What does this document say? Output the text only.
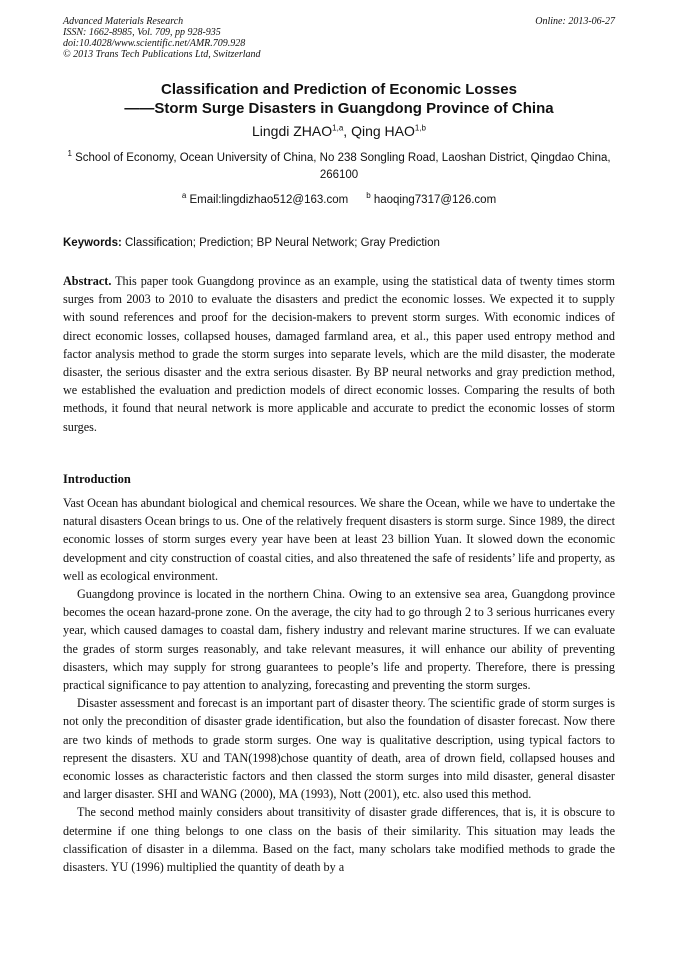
Advanced Materials Research
ISSN: 1662-8985, Vol. 709, pp 928-935
doi:10.4028/www.scientific.net/AMR.709.928
© 2013 Trans Tech Publications Ltd, Switzerland
Online: 2013-06-27
Classification and Prediction of Economic Losses
——Storm Surge Disasters in Guangdong Province of China
Lingdi ZHAO$^{1,a}$, Qing HAO$^{1,b}$
$^1$ School of Economy, Ocean University of China, No 238 Songling Road, Laoshan District, Qingdao China, 266100
$^a$ Email:lingdizhao512@163.com $^b$ haoqing7317@126.com
Keywords: Classification; Prediction; BP Neural Network; Gray Prediction
Abstract. This paper took Guangdong province as an example, using the statistical data of twenty times storm surges from 2003 to 2010 to evaluate the disasters and predict the economic losses. We expected it to supply with sound references and proof for the decision-makers to prevent storm surges. With economic indices of direct economic losses, collapsed houses, damaged farmland area, et al., this paper used entropy method and factor analysis method to grade the storm surges into separate levels, which are the mild disaster, the moderate disaster, the serious disaster and the extra serious disaster. By BP neural networks and gray prediction method, we established the evaluation and prediction models of direct economic losses. Comparing the results of both methods, it found that neural network is more applicable and accurate to predict the economic losses of storm surges.
Introduction

Vast Ocean has abundant biological and chemical resources. We share the Ocean, while we have to undertake the natural disasters Ocean brings to us. One of the relatively frequent disasters is storm surge. Since 1989, the direct economic losses of storm surges every year have been at least 23 billion Yuan. It slowed down the economic development and city construction of coastal cities, and also threatened the safe of residents’ life and property, as well as ecological environment.

Guangdong province is located in the northern China. Owing to an extensive sea area, Guangdong province becomes the ocean hazard-prone zone. On the average, the city had to go through 2 to 3 serious hurricanes every year, which caused damages to coastal dam, fishery industry and relevant marine structures. If we can evaluate the grades of storm surges reasonably, and take relevant measures, it will enhance our ability of preventing disasters, which may supply for strong guarantees to people’s life and property. Therefore, there is pressing practical significance to pay attention to analyzing, forecasting and preventing the storm surges.

Disaster assessment and forecast is an important part of disaster theory. The scientific grade of storm surges is not only the precondition of disaster grade identification, but also the foundation of disaster forecast. Now there are two kinds of methods to grade storm surges. One way is qualitative description, using typical factors to represent the disasters. XU and TAN(1998)chose quantity of death, area of drown field, collapsed houses and economic losses as characteristic factors and then classed the storm surges into mild disaster, general disaster and larger disaster. SHI and WANG (2000), MA (1993), Nott (2001), etc. also used this method.

The second method mainly considers about transitivity of disaster grade differences, that is, it is obscure to determine if one thing belongs to one class on the basis of their similarity. This situation may leads the classification of disaster in a dilemma. Based on the fact, many scholars take modified methods to grade the disasters. YU (1996) multiplied the quantity of death by a
